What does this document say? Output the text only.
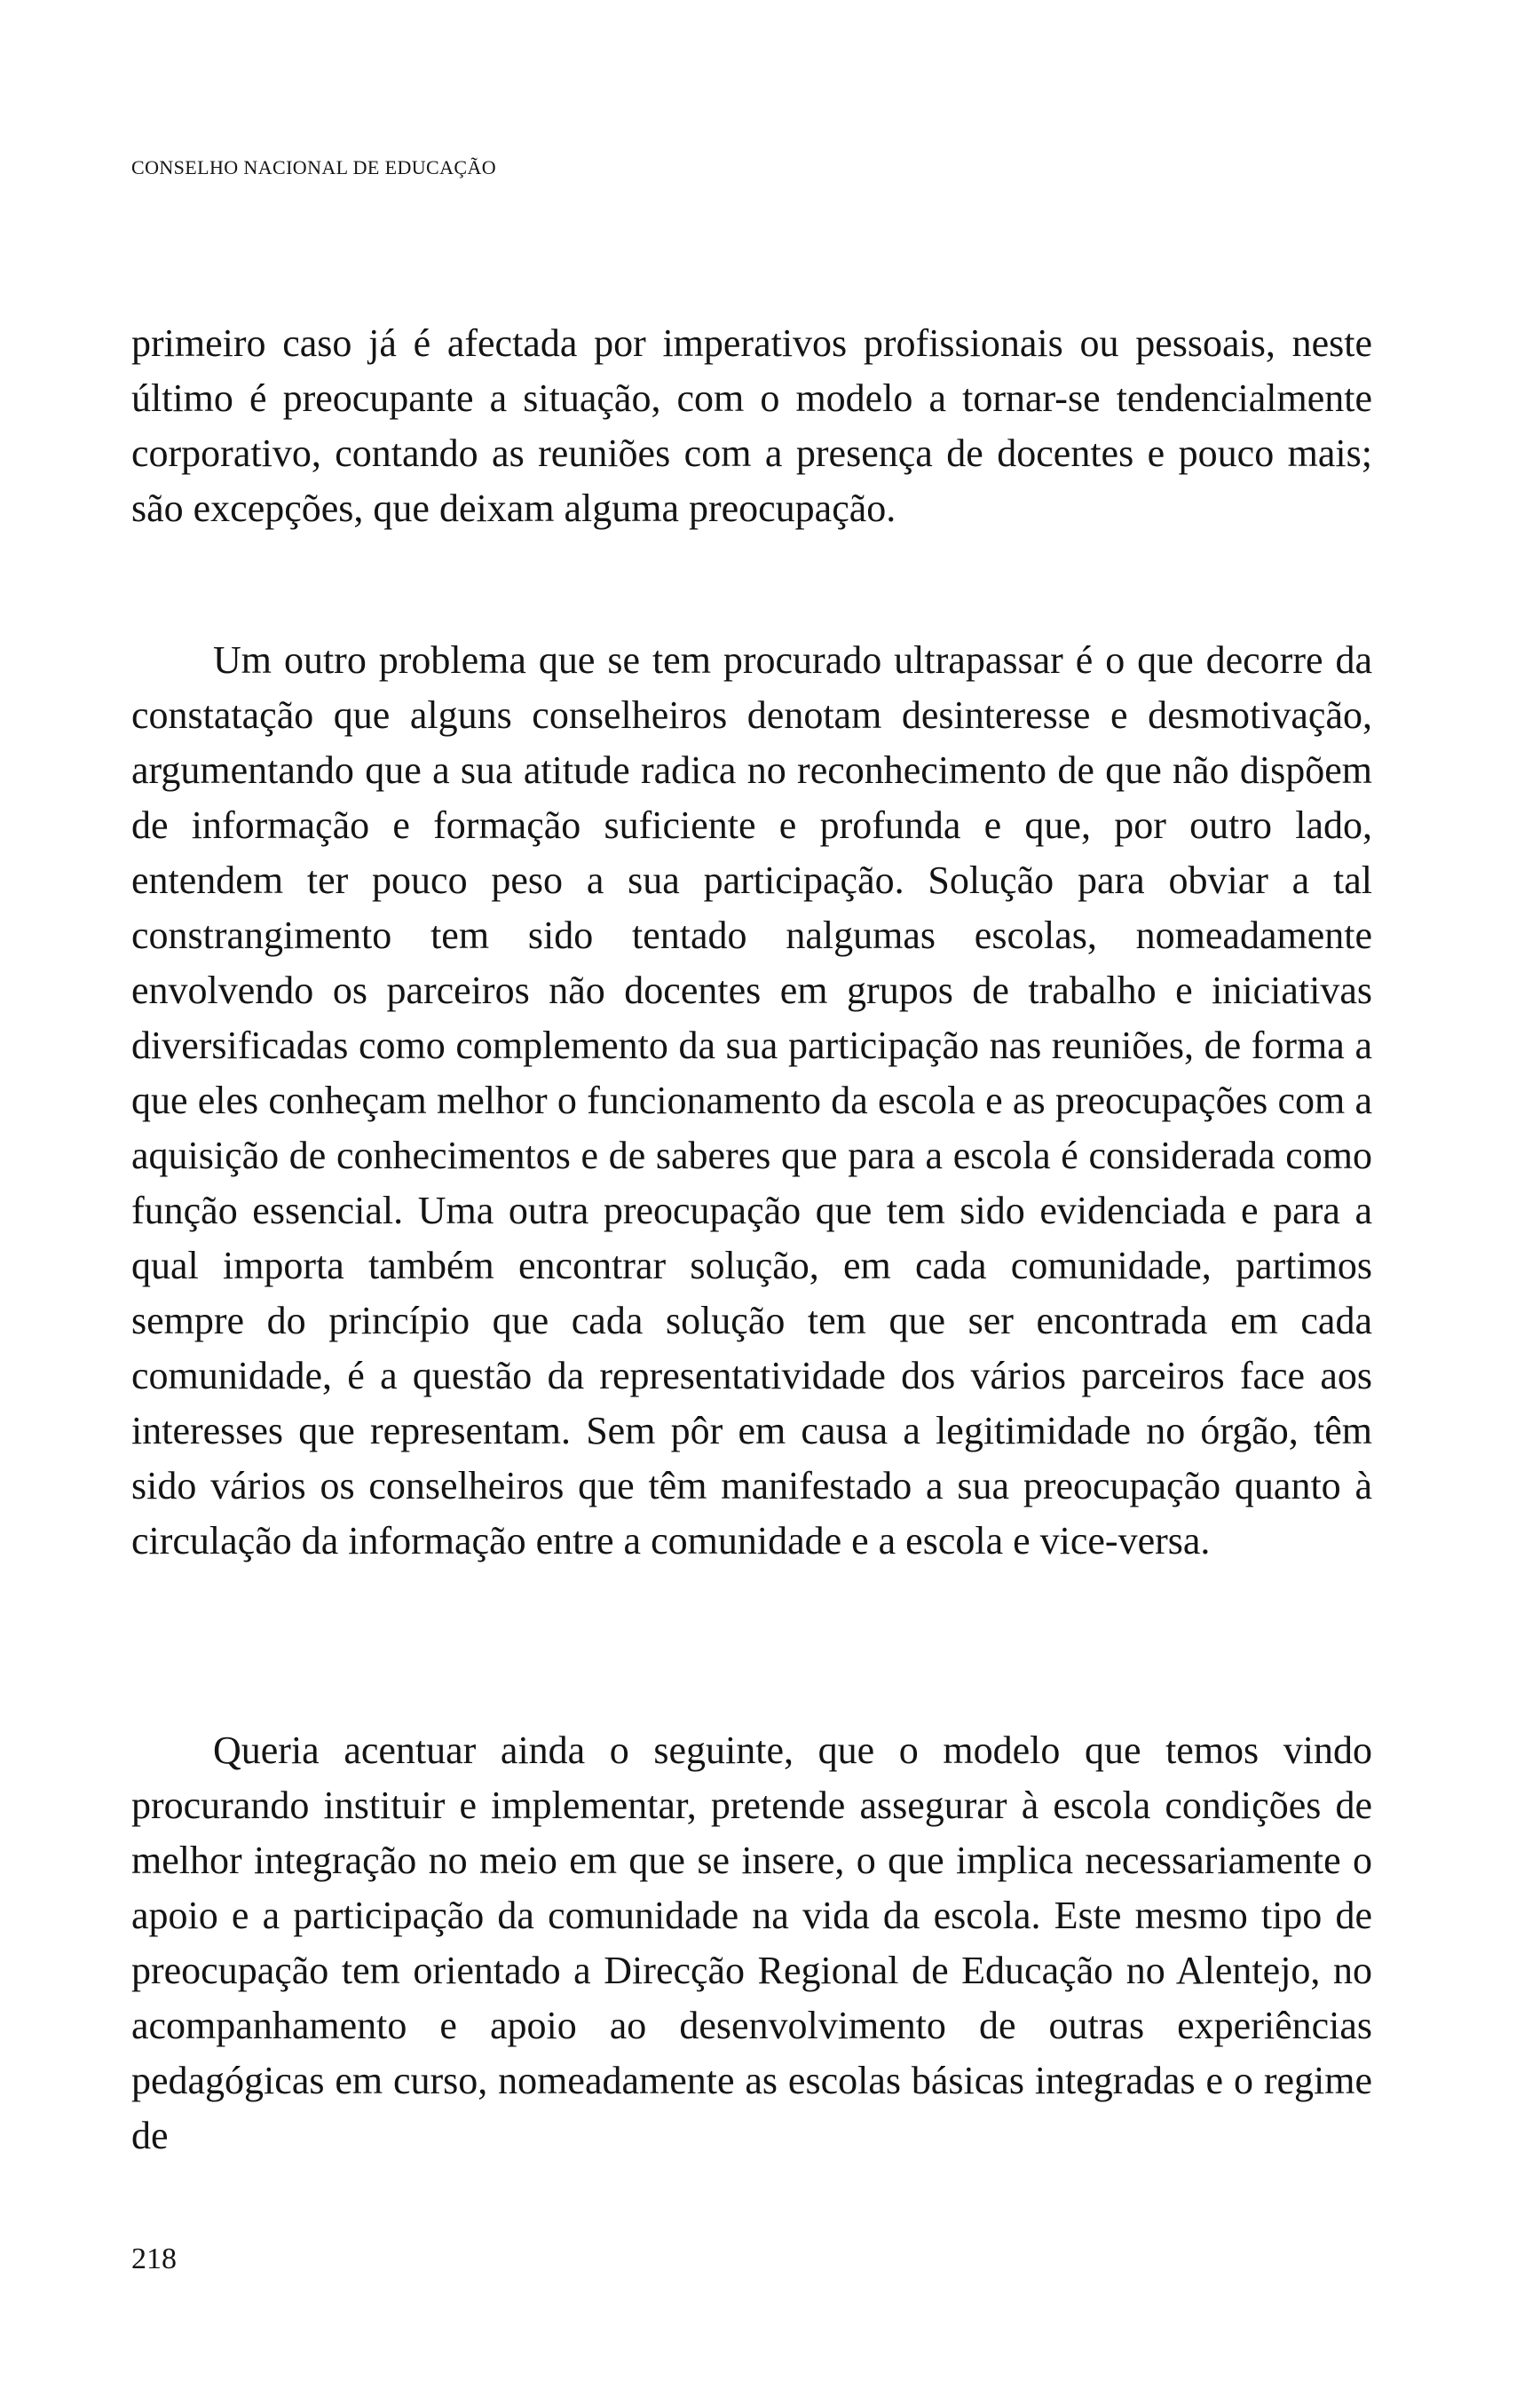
CONSELHO NACIONAL DE EDUCAÇÃO

primeiro caso já é afectada por imperativos profissionais ou pessoais, neste último é preocupante a situação, com o modelo a tornar-se tendencialmente corporativo, contando as reuniões com a presença de docentes e pouco mais; são excepções, que deixam alguma preocupação.

Um outro problema que se tem procurado ultrapassar é o que decorre da constatação que alguns conselheiros denotam desinteresse e desmotivação, argumentando que a sua atitude radica no reconhecimento de que não dispõem de informação e formação suficiente e profunda e que, por outro lado, entendem ter pouco peso a sua participação. Solução para obviar a tal constrangimento tem sido tentado nalgumas escolas, nomeadamente envolvendo os parceiros não docentes em grupos de trabalho e iniciativas diversificadas como complemento da sua participação nas reuniões, de forma a que eles conheçam melhor o funcionamento da escola e as preocupações com a aquisição de conhecimentos e de saberes que para a escola é considerada como função essencial. Uma outra preocupação que tem sido evidenciada e para a qual importa também encontrar solução, em cada comunidade, partimos sempre do princípio que cada solução tem que ser encontrada em cada comunidade, é a questão da representatividade dos vários parceiros face aos interesses que representam. Sem pôr em causa a legitimidade no órgão, têm sido vários os conselheiros que têm manifestado a sua preocupação quanto à circulação da informação entre a comunidade e a escola e vice-versa.

Queria acentuar ainda o seguinte, que o modelo que temos vindo procurando instituir e implementar, pretende assegurar à escola condições de melhor integração no meio em que se insere, o que implica necessariamente o apoio e a participação da comunidade na vida da escola. Este mesmo tipo de preocupação tem orientado a Direcção Regional de Educação no Alentejo, no acompanhamento e apoio ao desenvolvimento de outras experiências pedagógicas em curso, nomeadamente as escolas básicas integradas e o regime de

218
